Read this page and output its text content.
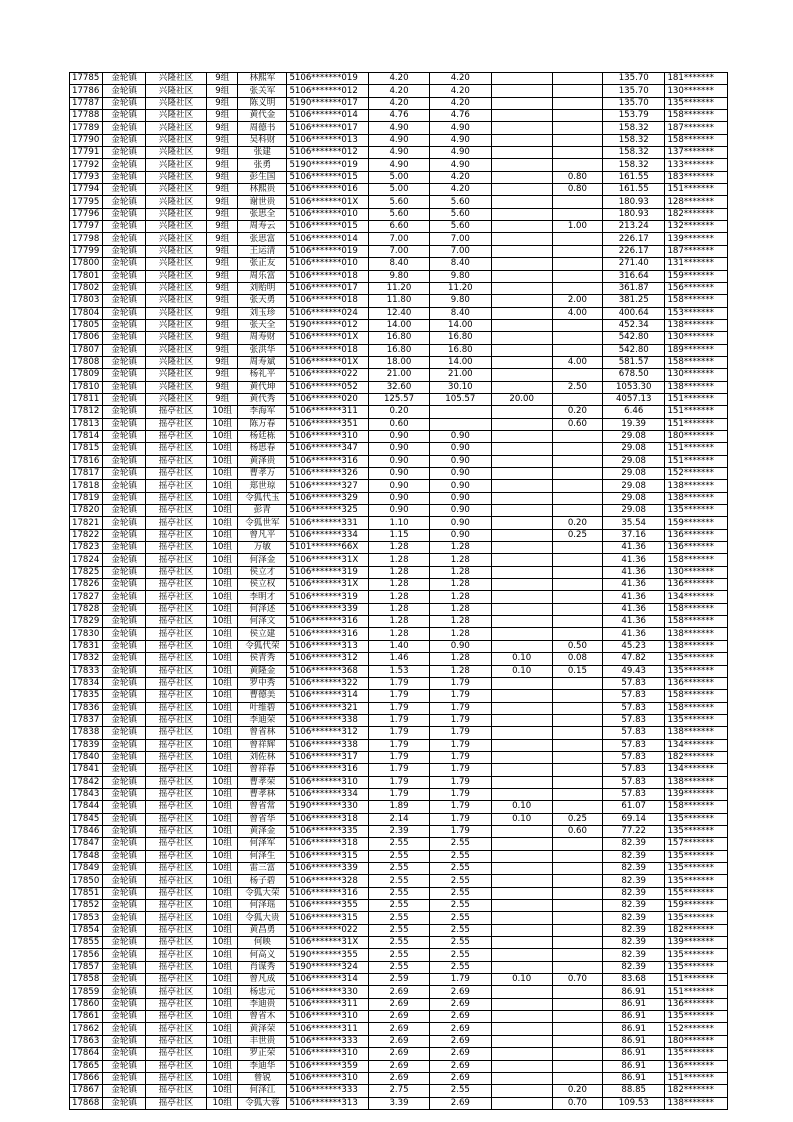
17785	金轮镇	兴隆社区	9组	林熙军	5106*******019	4.20	4.20			135.70	181*******
17786	金轮镇	兴隆社区	9组	张关军	5106*******012	4.20	4.20			135.70	130*******
17787	金轮镇	兴隆社区	9组	陈义明	5190*******017	4.20	4.20			135.70	135*******
17788	金轮镇	兴隆社区	9组	黄代金	5106*******014	4.76	4.76			153.79	158*******
17789	金轮镇	兴隆社区	9组	周德书	5106*******017	4.90	4.90			158.32	187*******
17790	金轮镇	兴隆社区	9组	吴科财	5106*******013	4.90	4.90			158.32	158*******
17791	金轮镇	兴隆社区	9组	张建	5106*******012	4.90	4.90			158.32	137*******
17792	金轮镇	兴隆社区	9组	张勇	5190*******019	4.90	4.90			158.32	133*******
17793	金轮镇	兴隆社区	9组	彭生国	5106*******015	5.00	4.20		0.80	161.55	183*******
17794	金轮镇	兴隆社区	9组	林熙贵	5106*******016	5.00	4.20		0.80	161.55	151*******
17795	金轮镇	兴隆社区	9组	谢世贵	5106*******01X	5.60	5.60			180.93	128*******
17796	金轮镇	兴隆社区	9组	张思全	5106*******010	5.60	5.60			180.93	182*******
17797	金轮镇	兴隆社区	9组	周寿云	5106*******015	6.60	5.60		1.00	213.24	132*******
17798	金轮镇	兴隆社区	9组	张思富	5106*******014	7.00	7.00			226.17	139*******
17799	金轮镇	兴隆社区	9组	王运清	5106*******019	7.00	7.00			226.17	187*******
17800	金轮镇	兴隆社区	9组	张正友	5106*******010	8.40	8.40			271.40	131*******
17801	金轮镇	兴隆社区	9组	周乐富	5106*******018	9.80	9.80			316.64	159*******
17802	金轮镇	兴隆社区	9组	刘贻明	5106*******017	11.20	11.20			361.87	156*******
17803	金轮镇	兴隆社区	9组	张天勇	5106*******018	11.80	9.80		2.00	381.25	158*******
17804	金轮镇	兴隆社区	9组	刘玉珍	5106*******024	12.40	8.40		4.00	400.64	153*******
17805	金轮镇	兴隆社区	9组	张天全	5190*******012	14.00	14.00			452.34	138*******
17806	金轮镇	兴隆社区	9组	周寿财	5106*******01X	16.80	16.80			542.80	130*******
17807	金轮镇	兴隆社区	9组	张洪华	5106*******018	16.80	16.80			542.80	189*******
17808	金轮镇	兴隆社区	9组	周寿斌	5106*******01X	18.00	14.00		4.00	581.57	158*******
17809	金轮镇	兴隆社区	9组	杨礼平	5106*******022	21.00	21.00			678.50	130*******
17810	金轮镇	兴隆社区	9组	黄代坤	5106*******052	32.60	30.10		2.50	1053.30	138*******
17811	金轮镇	兴隆社区	9组	黄代秀	5106*******020	125.57	105.57	20.00		4057.13	151*******
17812	金轮镇	摇亭社区	10组	李海军	5106*******311	0.20			0.20	6.46	151*******
17813	金轮镇	摇亭社区	10组	陈万春	5106*******351	0.60			0.60	19.39	151*******
17814	金轮镇	摇亭社区	10组	杨廷栋	5106*******310	0.90	0.90			29.08	180*******
17815	金轮镇	摇亭社区	10组	杨思春	5106*******347	0.90	0.90			29.08	151*******
17816	金轮镇	摇亭社区	10组	黄泽贵	5106*******316	0.90	0.90			29.08	151*******
17817	金轮镇	摇亭社区	10组	曹孝万	5106*******326	0.90	0.90			29.08	152*******
17818	金轮镇	摇亭社区	10组	郑世琼	5106*******327	0.90	0.90			29.08	138*******
17819	金轮镇	摇亭社区	10组	令狐代玉	5106*******329	0.90	0.90			29.08	138*******
17820	金轮镇	摇亭社区	10组	彭青	5106*******325	0.90	0.90			29.08	135*******
17821	金轮镇	摇亭社区	10组	令狐世军	5106*******331	1.10	0.90		0.20	35.54	159*******
17822	金轮镇	摇亭社区	10组	曾凡平	5106*******334	1.15	0.90		0.25	37.16	136*******
17823	金轮镇	摇亭社区	10组	万敏	5101*******66X	1.28	1.28			41.36	136*******
17824	金轮镇	摇亭社区	10组	何泽金	5106*******31X	1.28	1.28			41.36	158*******
17825	金轮镇	摇亭社区	10组	侯立才	5106*******319	1.28	1.28			41.36	130*******
17826	金轮镇	摇亭社区	10组	侯立权	5106*******31X	1.28	1.28			41.36	136*******
17827	金轮镇	摇亭社区	10组	李明才	5106*******319	1.28	1.28			41.36	134*******
17828	金轮镇	摇亭社区	10组	何泽述	5106*******339	1.28	1.28			41.36	158*******
17829	金轮镇	摇亭社区	10组	何泽文	5106*******316	1.28	1.28			41.36	158*******
17830	金轮镇	摇亭社区	10组	侯立建	5106*******316	1.28	1.28			41.36	138*******
17831	金轮镇	摇亭社区	10组	令狐代荣	5106*******313	1.40	0.90		0.50	45.23	138*******
17832	金轮镇	摇亭社区	10组	侯青秀	5106*******312	1.46	1.28	0.10	0.08	47.82	135*******
17833	金轮镇	摇亭社区	10组	黄隆金	5106*******368	1.53	1.28	0.10	0.15	49.43	135*******
17834	金轮镇	摇亭社区	10组	罗中秀	5106*******322	1.79	1.79			57.83	136*******
17835	金轮镇	摇亭社区	10组	曹德美	5106*******314	1.79	1.79			57.83	158*******
17836	金轮镇	摇亭社区	10组	叶维碧	5106*******321	1.79	1.79			57.83	158*******
17837	金轮镇	摇亭社区	10组	李迪荣	5106*******338	1.79	1.79			57.83	135*******
17838	金轮镇	摇亭社区	10组	曾省林	5106*******312	1.79	1.79			57.83	138*******
17839	金轮镇	摇亭社区	10组	曾祥辉	5106*******338	1.79	1.79			57.83	134*******
17840	金轮镇	摇亭社区	10组	刘佐林	5106*******317	1.79	1.79			57.83	182*******
17841	金轮镇	摇亭社区	10组	曾祥春	5106*******316	1.79	1.79			57.83	134*******
17842	金轮镇	摇亭社区	10组	曹孝荣	5106*******310	1.79	1.79			57.83	138*******
17843	金轮镇	摇亭社区	10组	曹孝林	5106*******334	1.79	1.79			57.83	139*******
17844	金轮镇	摇亭社区	10组	曾省常	5190*******330	1.89	1.79	0.10		61.07	158*******
17845	金轮镇	摇亭社区	10组	曾省华	5106*******318	2.14	1.79	0.10	0.25	69.14	135*******
17846	金轮镇	摇亭社区	10组	黄泽金	5106*******335	2.39	1.79		0.60	77.22	135*******
17847	金轮镇	摇亭社区	10组	何泽军	5106*******318	2.55	2.55			82.39	157*******
17848	金轮镇	摇亭社区	10组	何泽生	5106*******315	2.55	2.55			82.39	135*******
17849	金轮镇	摇亭社区	10组	雷三富	5106*******339	2.55	2.55			82.39	135*******
17850	金轮镇	摇亭社区	10组	杨子碧	5106*******328	2.55	2.55			82.39	135*******
17851	金轮镇	摇亭社区	10组	令狐大荣	5106*******316	2.55	2.55			82.39	155*******
17852	金轮镇	摇亭社区	10组	何泽瑶	5106*******355	2.55	2.55			82.39	159*******
17853	金轮镇	摇亭社区	10组	令狐大贵	5106*******315	2.55	2.55			82.39	135*******
17854	金轮镇	摇亭社区	10组	黄昌勇	5106*******022	2.55	2.55			82.39	182*******
17855	金轮镇	摇亭社区	10组	何映	5106*******31X	2.55	2.55			82.39	139*******
17856	金轮镇	摇亭社区	10组	何高义	5190*******355	2.55	2.55			82.39	135*******
17857	金轮镇	摇亭社区	10组	肖谋秀	5190*******324	2.55	2.55			82.39	135*******
17858	金轮镇	摇亭社区	10组	曾凡成	5106*******314	2.59	1.79	0.10	0.70	83.68	151*******
17859	金轮镇	摇亭社区	10组	杨忠元	5106*******330	2.69	2.69			86.91	151*******
17860	金轮镇	摇亭社区	10组	李迪贵	5106*******311	2.69	2.69			86.91	136*******
17861	金轮镇	摇亭社区	10组	曾省木	5106*******310	2.69	2.69			86.91	135*******
17862	金轮镇	摇亭社区	10组	黄泽荣	5106*******311	2.69	2.69			86.91	152*******
17863	金轮镇	摇亭社区	10组	丰世贵	5106*******333	2.69	2.69			86.91	180*******
17864	金轮镇	摇亭社区	10组	罗正荣	5106*******310	2.69	2.69			86.91	135*******
17865	金轮镇	摇亭社区	10组	李迪华	5106*******359	2.69	2.69			86.91	136*******
17866	金轮镇	摇亭社区	10组	曾锐	5106*******310	2.69	2.69			86.91	151*******
17867	金轮镇	摇亭社区	10组	何泽江	5106*******333	2.75	2.55		0.20	88.85	182*******
17868	金轮镇	摇亭社区	10组	令狐大蓉	5106*******313	3.39	2.69		0.70	109.53	138*******
